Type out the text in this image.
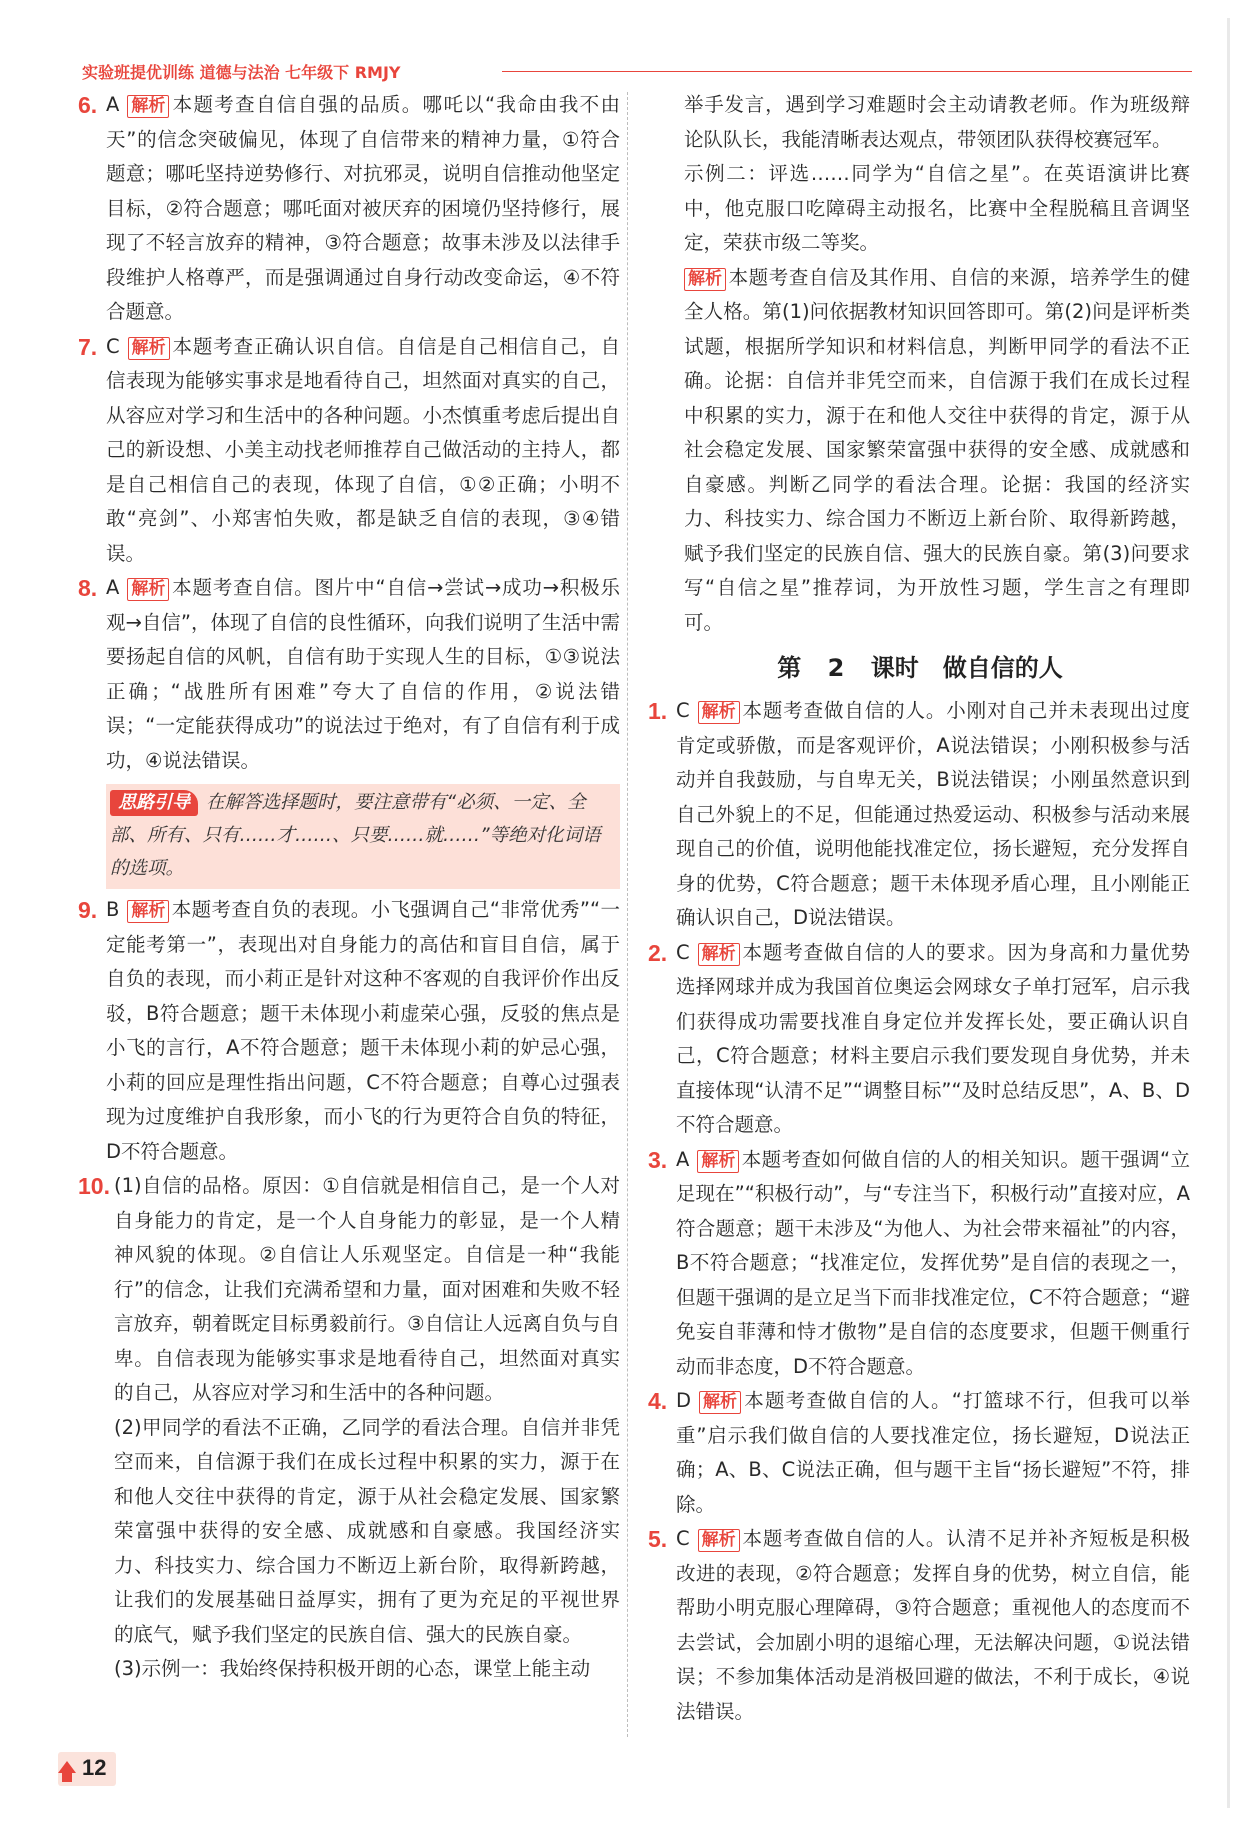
实验班提优训练 道德与法治 七年级下 RMJY
6. A 解析 本题考查自信自强的品质。哪吒以“我命由我不由天”的信念突破偏见，体现了自信带来的精神力量，①符合题意；哪吒坚持逆势修行、对抗邪灵，说明自信推动他坚定目标，②符合题意；哪吒面对被厌弃的困境仍坚持修行，展现了不轻言放弃的精神，③符合题意；故事未涉及以法律手段维护人格尊严，而是强调通过自身行动改变命运，④不符合题意。
7. C 解析 本题考查正确认识自信。自信是自己相信自己，自信表现为能够实事求是地看待自己，坦然面对真实的自己，从容应对学习和生活中的各种问题。小杰慎重考虑后提出自己的新设想、小美主动找老师推荐自己做活动的主持人，都是自己相信自己的表现，体现了自信，①②正确；小明不敢“亮剑”、小郑害怕失败，都是缺乏自信的表现，③④错误。
8. A 解析 本题考查自信。图片中“自信→尝试→成功→积极乐观→自信”，体现了自信的良性循环，向我们说明了生活中需要扬起自信的风帆，自信有助于实现人生的目标，①③说法正确；“战胜所有困难”夸大了自信的作用，②说法错误；“一定能获得成功”的说法过于绝对，有了自信有利于成功，④说法错误。
思路引导 在解答选择题时，要注意带有“必须、一定、全部、所有、只有……才……、只要……就……”等绝对化词语的选项。
9. B 解析 本题考查自负的表现。小飞强调自己“非常优秀”“一定能考第一”，表现出对自身能力的高估和盲目自信，属于自负的表现，而小莉正是针对这种不客观的自我评价作出反驳，B符合题意；题干未体现小莉虚荣心强，反驳的焦点是小飞的言行，A不符合题意；题干未体现小莉的妒忌心强，小莉的回应是理性指出问题，C不符合题意；自尊心过强表现为过度维护自我形象，而小飞的行为更符合自负的特征，D不符合题意。
10. (1)自信的品格。原因：①自信就是相信自己，是一个人对自身能力的肯定，是一个人自身能力的彰显，是一个人精神风貌的体现。②自信让人乐观坚定。自信是一种“我能行”的信念，让我们充满希望和力量，面对困难和失败不轻言放弃，朝着既定目标勇毅前行。③自信让人远离自负与自卑。自信表现为能够实事求是地看待自己，坦然面对真实的自己，从容应对学习和生活中的各种问题。
(2)甲同学的看法不正确，乙同学的看法合理。自信并非凭空而来，自信源于我们在成长过程中积累的实力，源于在和他人交往中获得的肯定，源于从社会稳定发展、国家繁荣富强中获得的安全感、成就感和自豪感。我国经济实力、科技实力、综合国力不断迈上新台阶，取得新跨越，让我们的发展基础日益厚实，拥有了更为充足的平视世界的底气，赋予我们坚定的民族自信、强大的民族自豪。
(3)示例一：我始终保持积极开朗的心态，课堂上能主动
举手发言，遇到学习难题时会主动请教老师。作为班级辩论队队长，我能清晰表达观点，带领团队获得校赛冠军。
示例二：评选……同学为“自信之星”。在英语演讲比赛中，他克服口吃障碍主动报名，比赛中全程脱稿且音调坚定，荣获市级二等奖。
解析 本题考查自信及其作用、自信的来源，培养学生的健全人格。第(1)问依据教材知识回答即可。第(2)问是评析类试题，根据所学知识和材料信息，判断甲同学的看法不正确。论据：自信并非凭空而来，自信源于我们在成长过程中积累的实力，源于在和他人交往中获得的肯定，源于从社会稳定发展、国家繁荣富强中获得的安全感、成就感和自豪感。判断乙同学的看法合理。论据：我国的经济实力、科技实力、综合国力不断迈上新台阶、取得新跨越，赋予我们坚定的民族自信、强大的民族自豪。第(3)问要求写“自信之星”推荐词，为开放性习题，学生言之有理即可。
第 2 课时　做自信的人
1. C 解析 本题考查做自信的人。小刚对自己并未表现出过度肯定或骄傲，而是客观评价，A说法错误；小刚积极参与活动并自我鼓励，与自卑无关，B说法错误；小刚虽然意识到自己外貌上的不足，但能通过热爱运动、积极参与活动来展现自己的价值，说明他能找准定位，扬长避短，充分发挥自身的优势，C符合题意；题干未体现矛盾心理，且小刚能正确认识自己，D说法错误。
2. C 解析 本题考查做自信的人的要求。因为身高和力量优势选择网球并成为我国首位奥运会网球女子单打冠军，启示我们获得成功需要找准自身定位并发挥长处，要正确认识自己，C符合题意；材料主要启示我们要发现自身优势，并未直接体现“认清不足”“调整目标”“及时总结反思”，A、B、D不符合题意。
3. A 解析 本题考查如何做自信的人的相关知识。题干强调“立足现在”“积极行动”，与“专注当下，积极行动”直接对应，A符合题意；题干未涉及“为他人、为社会带来福祉”的内容，B不符合题意；“找准定位，发挥优势”是自信的表现之一，但题干强调的是立足当下而非找准定位，C不符合题意；“避免妄自菲薄和恃才傲物”是自信的态度要求，但题干侧重行动而非态度，D不符合题意。
4. D 解析 本题考查做自信的人。“打篮球不行，但我可以举重”启示我们做自信的人要找准定位，扬长避短，D说法正确；A、B、C说法正确，但与题干主旨“扬长避短”不符，排除。
5. C 解析 本题考查做自信的人。认清不足并补齐短板是积极改进的表现，②符合题意；发挥自身的优势，树立自信，能帮助小明克服心理障碍，③符合题意；重视他人的态度而不去尝试，会加剧小明的退缩心理，无法解决问题，①说法错误；不参加集体活动是消极回避的做法，不利于成长，④说法错误。
12
